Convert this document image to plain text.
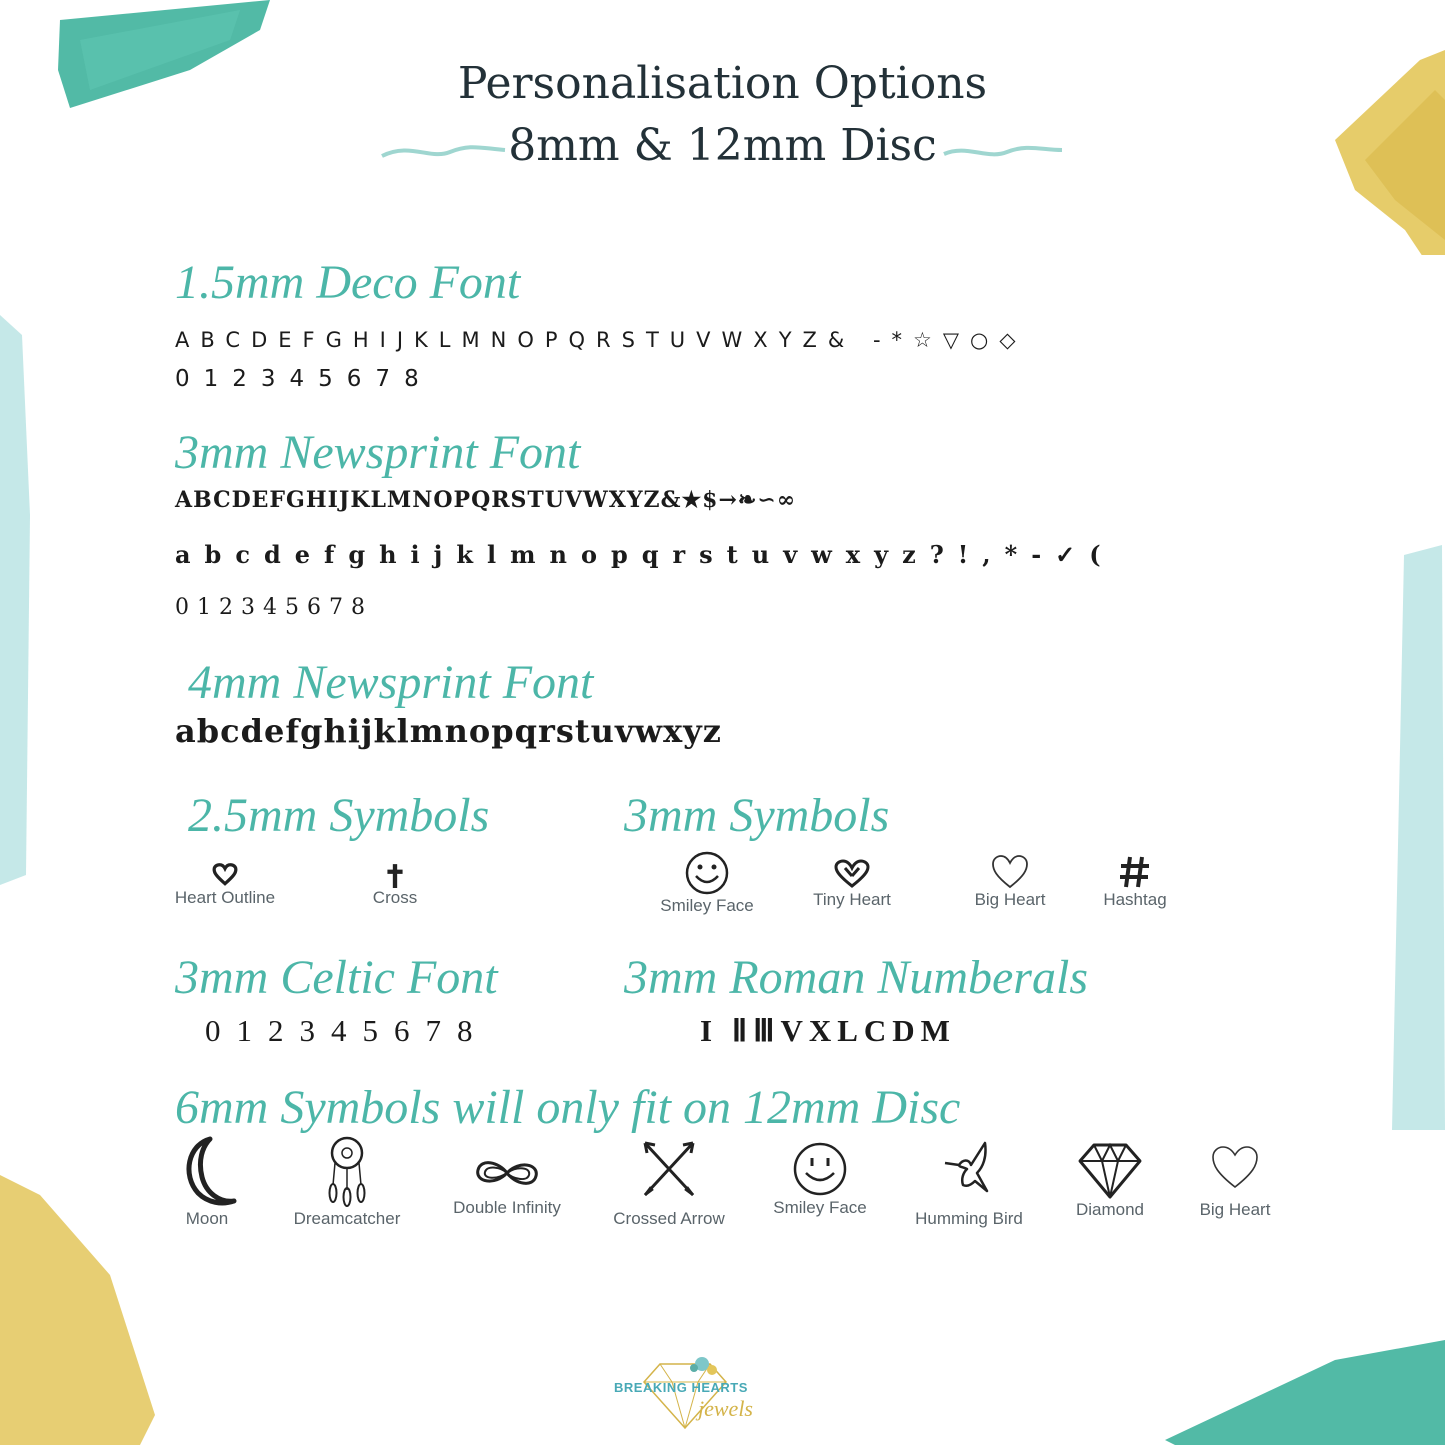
Personalisation Options
8mm & 12mm Disc
1.5mm Deco Font
ABCDEFGHIJKLMNOPQRSTUVWXYZ& -*☆▽○◇
012345678
3mm Newsprint Font
ABCDEFGHIJKLMNOPQRSTUVWXYZ&★$→❧∽∞
abcdefghijklmnopqrstuvwxyz?!,*-✓(
012345678
4mm Newsprint Font
abcdefghijklmnopqrstuvwxyz
2.5mm Symbols
Heart Outline	Cross
3mm Symbols
Smiley Face	Tiny Heart	Big Heart	Hashtag
3mm Celtic Font
012345678
3mm Roman Numberals
I ⅡⅢVXLCDM
6mm Symbols will only fit on 12mm Disc
Moon	Dreamcatcher
Double Infinity
Crossed Arrow
Smiley Face
Humming Bird	Diamond	Big Heart
BREAKING HEARTS
jewels
